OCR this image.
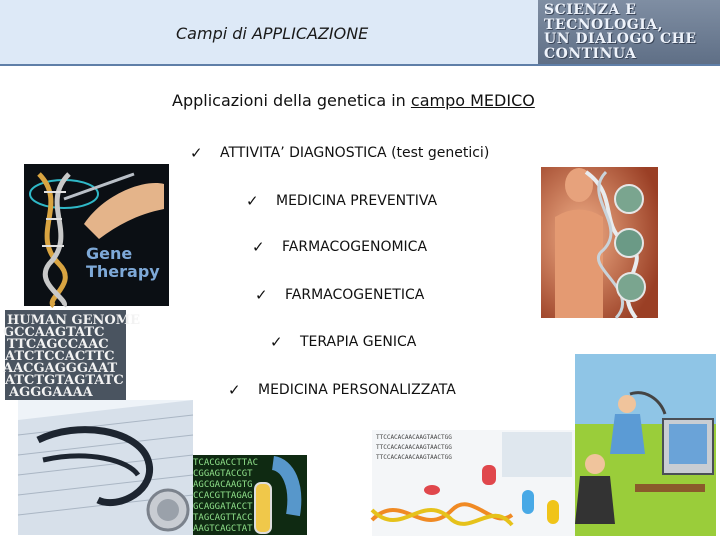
Campi di APPLICAZIONE
SCIENZA E
TECNOLOGIA,
UN DIALOGO CHE
CONTINUA
Applicazioni della genetica in campo MEDICO
✓	ATTIVITA’ DIAGNOSTICA (test genetici)
✓	MEDICINA PREVENTIVA
✓	FARMACOGENOMICA
✓	FARMACOGENETICA
✓	TERAPIA GENICA
✓	MEDICINA PERSONALIZZATA
Gene
Therapy
HUMAN GENOME
GCCAAGTATC
TTCAGCCAAC
ATCTCCACTTC
AACGAGGGAAT
ATCTGTAGTATC
AGGGAAAA
TCACGACCTTAC
CGGAGTACCGT
AGCGACAAGTG
CCACGTTAGAG
GCAGGATACCT
TAGCAGTTACC
AAGTCAGCTAT
TTCCACACAACAAGTAACTGG
TTCCACACAACAAGTAACTGG
TTCCACACAACAAGTAACTGG
